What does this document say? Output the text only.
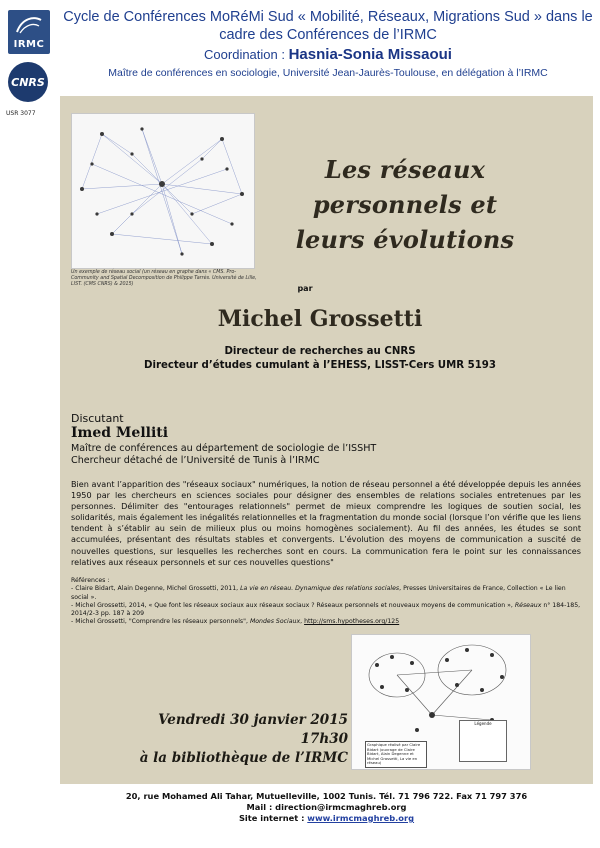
IRMC
CNRS
USR 3077
Cycle de Conférences MoRéMi Sud « Mobilité, Réseaux, Migrations Sud » dans le cadre des Conférences de l’IRMC
Coordination : Hasnia-Sonia Missaoui
Maître de conférences en sociologie, Université Jean-Jaurès-Toulouse, en délégation à l’IRMC
Un exemple de réseau social (un réseau en graphe dans « CMS. Pro-Community and Spatial Decomposition de Philippe Tarrès. Université de Lille, LIST. (CMS CNRS) & 2015)
Les réseaux
personnels et
leurs évolutions
par
Michel Grossetti
Directeur de recherches au CNRS
Directeur d’études cumulant à l’EHESS, LISST-Cers UMR 5193
Discutant
Imed Melliti
Maître de conférences au département de sociologie de l’ISSHT
Chercheur détaché de l’Université de Tunis à l’IRMC
Bien avant l’apparition des "réseaux sociaux" numériques, la notion de réseau personnel a été développée depuis les années 1950 par les chercheurs en sciences sociales pour désigner des ensembles de relations sociales entretenues par les personnes. Délimiter des "entourages relationnels" permet de mieux comprendre les logiques de soutien social, les solidarités, mais également les inégalités relationnelles et la fragmentation du monde social (lorsque l’on vérifie que les liens tendent à s’établir au sein de milieux plus ou moins homogènes socialement). Au fil des années, les études se sont accumulées, présentant des résultats stables et convergents. L’évolution des moyens de communication a suscité de nouvelles questions, sur lesquelles les recherches sont en cours. La communication fera le point sur les connaissances relatives aux réseaux personnels et sur ces nouvelles questions"
Références :
- Claire Bidart, Alain Degenne, Michel Grossetti, 2011, La vie en réseau. Dynamique des relations sociales, Presses Universitaires de France, Collection « Le lien social ».
- Michel Grossetti, 2014, « Que font les réseaux sociaux aux réseaux sociaux ? Réseaux personnels et nouveaux moyens de communication », Réseaux n° 184-185, 2014/2-3 pp. 187 à 209
- Michel Grossetti, "Comprendre les réseaux personnels", Mondes Sociaux, http://sms.hypotheses.org/125
Graphique réalisé par Claire Bidart (ouvrage de Claire Bidart, Alain Degenne et Michel Grossetti, La vie en réseau)
Légende
Vendredi 30 janvier 2015
17h30
à la bibliothèque de l’IRMC
20, rue Mohamed Ali Tahar, Mutuelleville, 1002 Tunis. Tél. 71 796 722. Fax 71 797 376
Mail : direction@irmcmaghreb.org
Site internet : www.irmcmaghreb.org
